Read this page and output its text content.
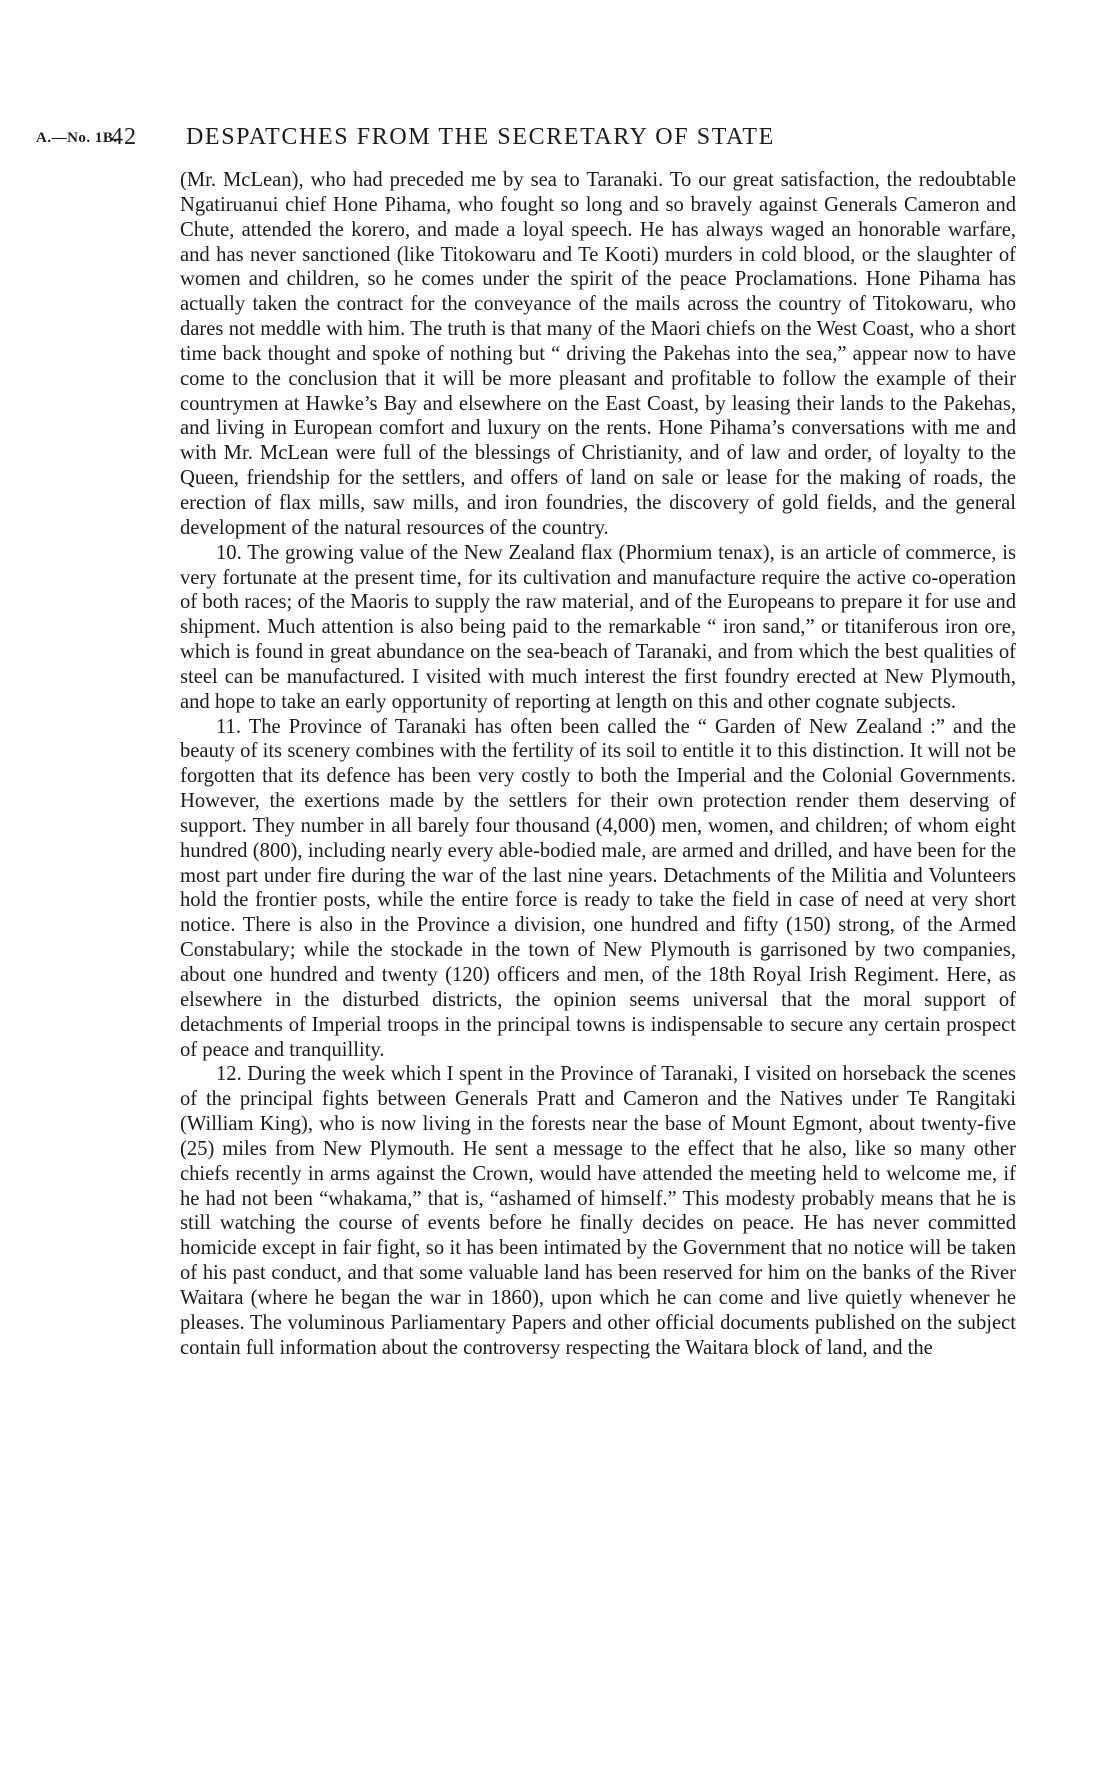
A.—No. 1B.
42 DESPATCHES FROM THE SECRETARY OF STATE

(Mr. McLean), who had preceded me by sea to Taranaki. To our great satisfaction, the redoubtable Ngatiruanui chief Hone Pihama, who fought so long and so bravely against Generals Cameron and Chute, attended the korero, and made a loyal speech. He has always waged an honorable warfare, and has never sanctioned (like Titokowaru and Te Kooti) murders in cold blood, or the slaughter of women and children, so he comes under the spirit of the peace Proclamations. Hone Pihama has actually taken the contract for the conveyance of the mails across the country of Titokowaru, who dares not meddle with him. The truth is that many of the Maori chiefs on the West Coast, who a short time back thought and spoke of nothing but “ driving the Pakehas into the sea,” appear now to have come to the conclusion that it will be more pleasant and profitable to follow the example of their countrymen at Hawke’s Bay and elsewhere on the East Coast, by leasing their lands to the Pakehas, and living in European comfort and luxury on the rents. Hone Pihama’s conversations with me and with Mr. McLean were full of the blessings of Christianity, and of law and order, of loyalty to the Queen, friendship for the settlers, and offers of land on sale or lease for the making of roads, the erection of flax mills, saw mills, and iron foundries, the discovery of gold fields, and the general development of the natural resources of the country.

10. The growing value of the New Zealand flax (Phormium tenax), is an article of commerce, is very fortunate at the present time, for its cultivation and manufacture require the active co-operation of both races; of the Maoris to supply the raw material, and of the Europeans to prepare it for use and shipment. Much attention is also being paid to the remarkable “ iron sand,” or titaniferous iron ore, which is found in great abundance on the sea-beach of Taranaki, and from which the best qualities of steel can be manufactured. I visited with much interest the first foundry erected at New Plymouth, and hope to take an early opportunity of reporting at length on this and other cognate subjects.

11. The Province of Taranaki has often been called the “ Garden of New Zealand :” and the beauty of its scenery combines with the fertility of its soil to entitle it to this distinction. It will not be forgotten that its defence has been very costly to both the Imperial and the Colonial Governments. However, the exertions made by the settlers for their own protection render them deserving of support. They number in all barely four thousand (4,000) men, women, and children; of whom eight hundred (800), including nearly every able-bodied male, are armed and drilled, and have been for the most part under fire during the war of the last nine years. Detachments of the Militia and Volunteers hold the frontier posts, while the entire force is ready to take the field in case of need at very short notice. There is also in the Province a division, one hundred and fifty (150) strong, of the Armed Constabulary; while the stockade in the town of New Plymouth is garrisoned by two companies, about one hundred and twenty (120) officers and men, of the 18th Royal Irish Regiment. Here, as elsewhere in the disturbed districts, the opinion seems universal that the moral support of detachments of Imperial troops in the principal towns is indispensable to secure any certain prospect of peace and tranquillity.

12. During the week which I spent in the Province of Taranaki, I visited on horseback the scenes of the principal fights between Generals Pratt and Cameron and the Natives under Te Rangitaki (William King), who is now living in the forests near the base of Mount Egmont, about twenty-five (25) miles from New Plymouth. He sent a message to the effect that he also, like so many other chiefs recently in arms against the Crown, would have attended the meeting held to welcome me, if he had not been “whakama,” that is, “ashamed of himself.” This modesty probably means that he is still watching the course of events before he finally decides on peace. He has never committed homicide except in fair fight, so it has been intimated by the Government that no notice will be taken of his past conduct, and that some valuable land has been reserved for him on the banks of the River Waitara (where he began the war in 1860), upon which he can come and live quietly whenever he pleases. The voluminous Parliamentary Papers and other official documents published on the subject contain full information about the controversy respecting the Waitara block of land, and the
